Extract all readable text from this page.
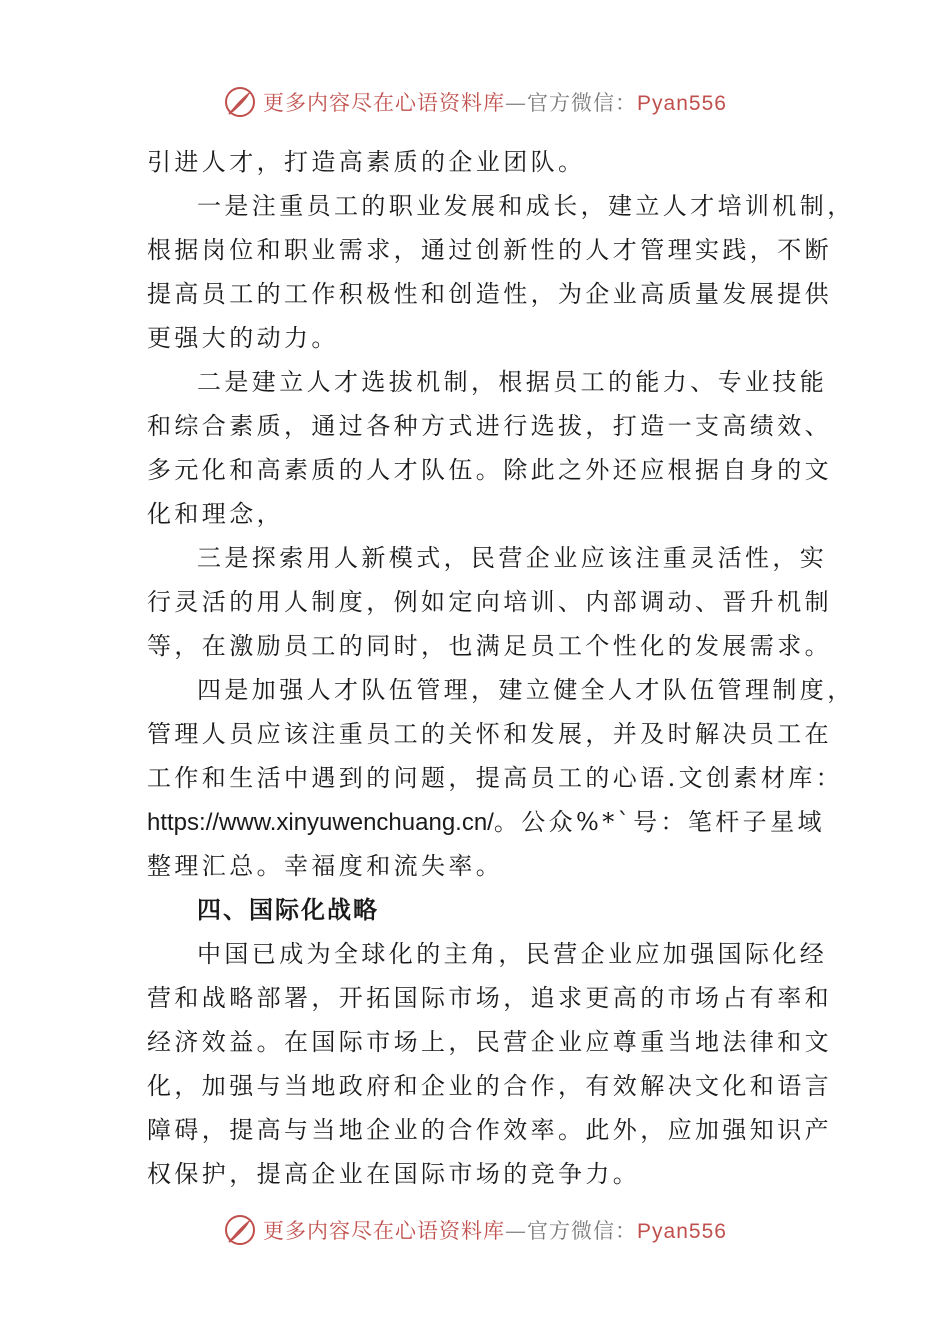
更多内容尽在心语资料库—官方微信：Pyan556
引进人才，打造高素质的企业团队。
一是注重员工的职业发展和成长，建立人才培训机制，
根据岗位和职业需求，通过创新性的人才管理实践，不断
提高员工的工作积极性和创造性，为企业高质量发展提供
更强大的动力。
二是建立人才选拔机制，根据员工的能力、专业技能
和综合素质，通过各种方式进行选拔，打造一支高绩效、
多元化和高素质的人才队伍。除此之外还应根据自身的文
化和理念，
三是探索用人新模式，民营企业应该注重灵活性，实
行灵活的用人制度，例如定向培训、内部调动、晋升机制
等，在激励员工的同时，也满足员工个性化的发展需求。
四是加强人才队伍管理，建立健全人才队伍管理制度，
管理人员应该注重员工的关怀和发展，并及时解决员工在
工作和生活中遇到的问题，提高员工的心语.文创素材库：
https://www.xinyuwenchuang.cn/。公众%*`号：笔杆子星域
整理汇总。幸福度和流失率。
四、国际化战略
中国已成为全球化的主角，民营企业应加强国际化经
营和战略部署，开拓国际市场，追求更高的市场占有率和
经济效益。在国际市场上，民营企业应尊重当地法律和文
化，加强与当地政府和企业的合作，有效解决文化和语言
障碍，提高与当地企业的合作效率。此外，应加强知识产
权保护，提高企业在国际市场的竞争力。
更多内容尽在心语资料库—官方微信：Pyan556
